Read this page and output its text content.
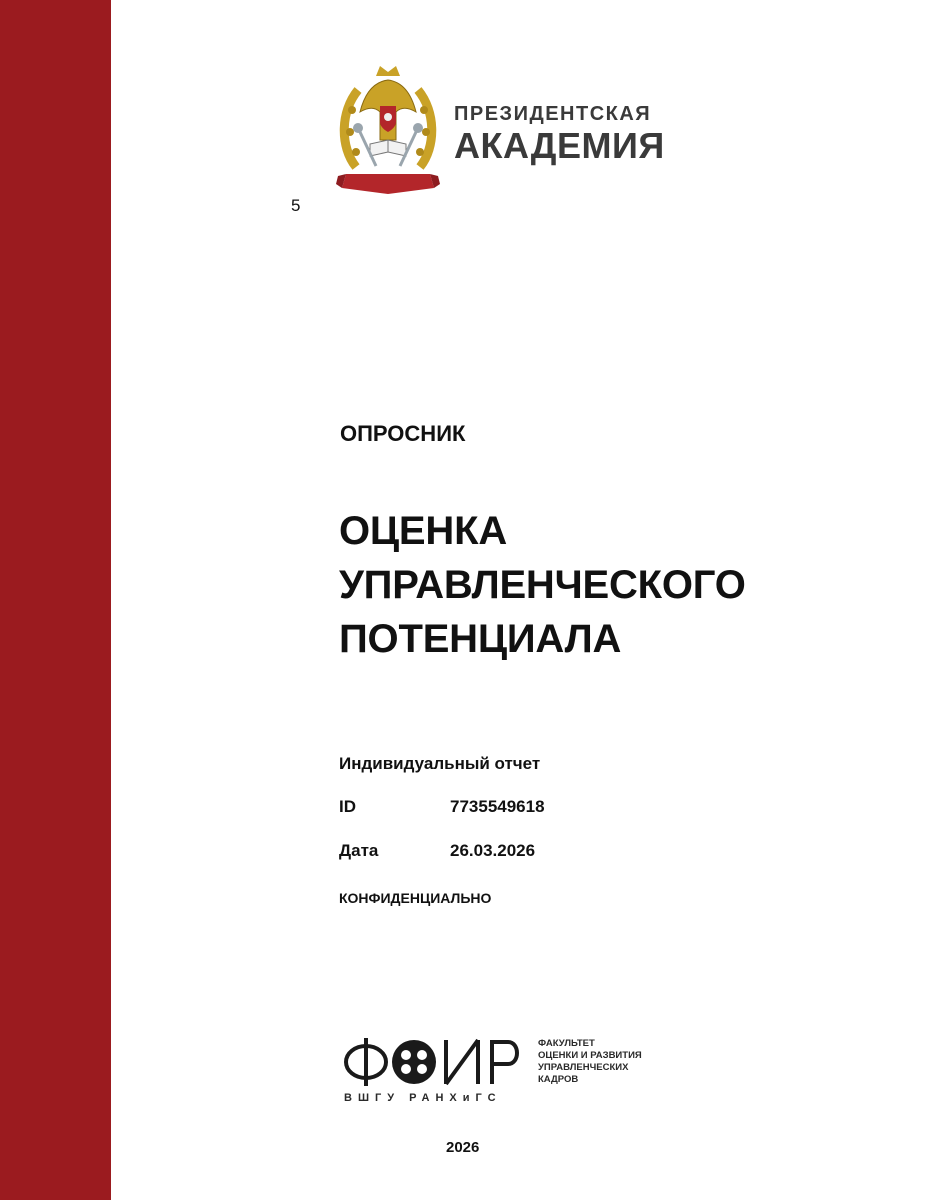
ПРЕЗИДЕНТСКАЯ
АКАДЕМИЯ
5
ОПРОСНИК
ОЦЕНКА
УПРАВЛЕНЧЕСКОГО
ПОТЕНЦИАЛА
Индивидуальный отчет
ID	7735549618
Дата	26.03.2026
КОНФИДЕНЦИАЛЬНО
ВШГУ РАНХиГС
ФАКУЛЬТЕТ
ОЦЕНКИ И РАЗВИТИЯ
УПРАВЛЕНЧЕСКИХ
КАДРОВ
2026
